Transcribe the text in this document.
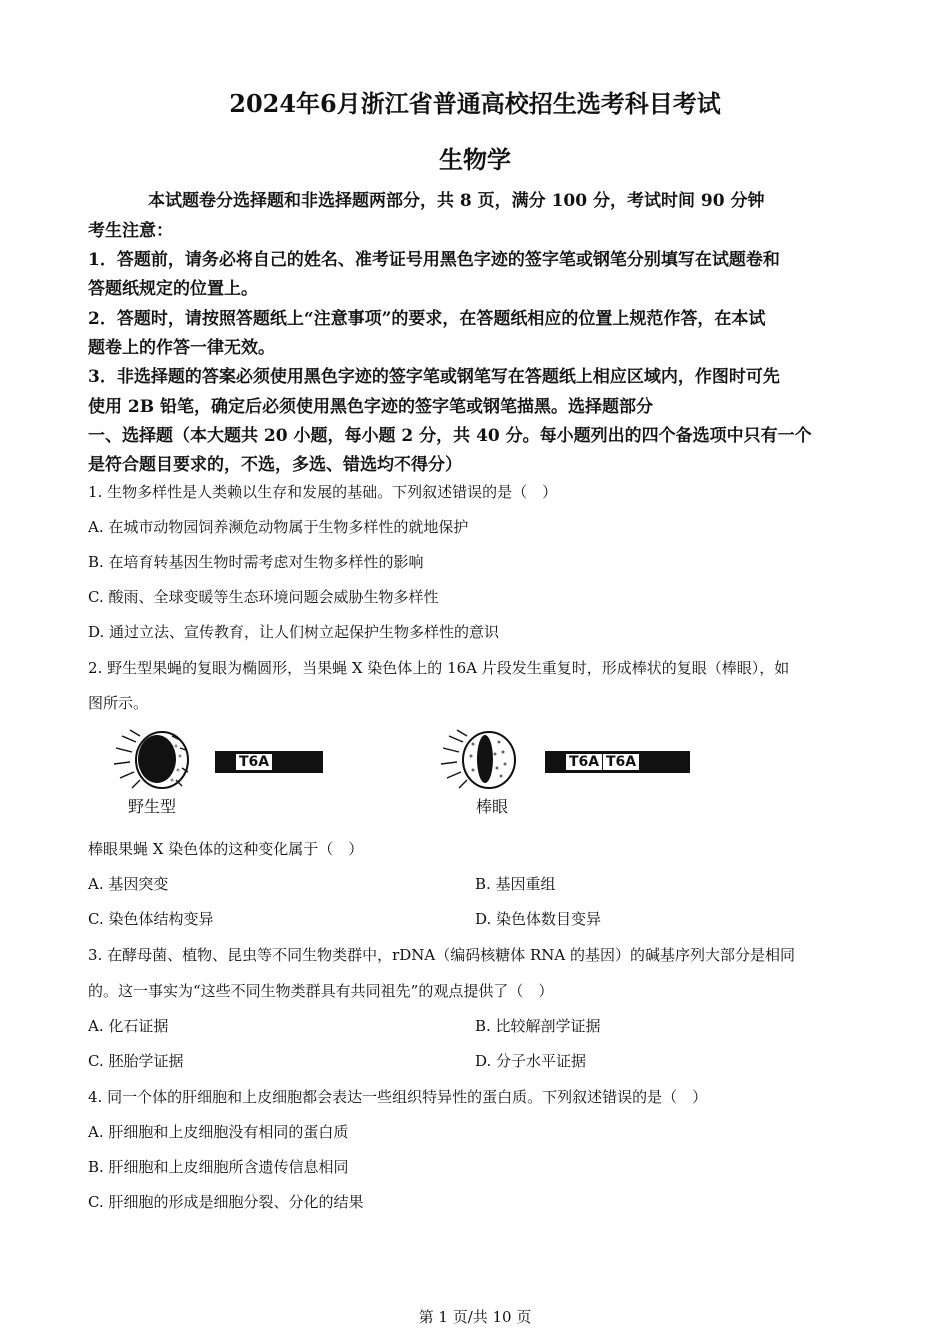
2024年6月浙江省普通高校招生选考科目考试
生物学
本试题卷分选择题和非选择题两部分，共 8 页，满分 100 分，考试时间 90 分钟
考生注意：
1．答题前，请务必将自己的姓名、准考证号用黑色字迹的签字笔或钢笔分别填写在试题卷和
答题纸规定的位置上。
2．答题时，请按照答题纸上“注意事项”的要求，在答题纸相应的位置上规范作答，在本试
题卷上的作答一律无效。
3．非选择题的答案必须使用黑色字迹的签字笔或钢笔写在答题纸上相应区域内，作图时可先
使用 2B 铅笔，确定后必须使用黑色字迹的签字笔或钢笔描黑。选择题部分
一、选择题（本大题共 20 小题，每小题 2 分，共 40 分。每小题列出的四个备选项中只有一个
是符合题目要求的，不选，多选、错选均不得分）
1. 生物多样性是人类赖以生存和发展的基础。下列叙述错误的是（　）
A. 在城市动物园饲养濒危动物属于生物多样性的就地保护
B. 在培育转基因生物时需考虑对生物多样性的影响
C. 酸雨、全球变暖等生态环境问题会威胁生物多样性
D. 通过立法、宣传教育，让人们树立起保护生物多样性的意识
2. 野生型果蝇的复眼为椭圆形，当果蝇 X 染色体上的 16A 片段发生重复时，形成棒状的复眼（棒眼），如
图所示。
野生型
T6A
棒眼
T6A T6A
棒眼果蝇 X 染色体的这种变化属于（　）
A. 基因突变	B. 基因重组
C. 染色体结构变异	D. 染色体数目变异
3. 在酵母菌、植物、昆虫等不同生物类群中，rDNA（编码核糖体 RNA 的基因）的碱基序列大部分是相同
的。这一事实为“这些不同生物类群具有共同祖先”的观点提供了（　）
A. 化石证据	B. 比较解剖学证据
C. 胚胎学证据	D. 分子水平证据
4. 同一个体的肝细胞和上皮细胞都会表达一些组织特异性的蛋白质。下列叙述错误的是（　）
A. 肝细胞和上皮细胞没有相同的蛋白质
B. 肝细胞和上皮细胞所含遗传信息相同
C. 肝细胞的形成是细胞分裂、分化的结果
第 1 页/共 10 页
